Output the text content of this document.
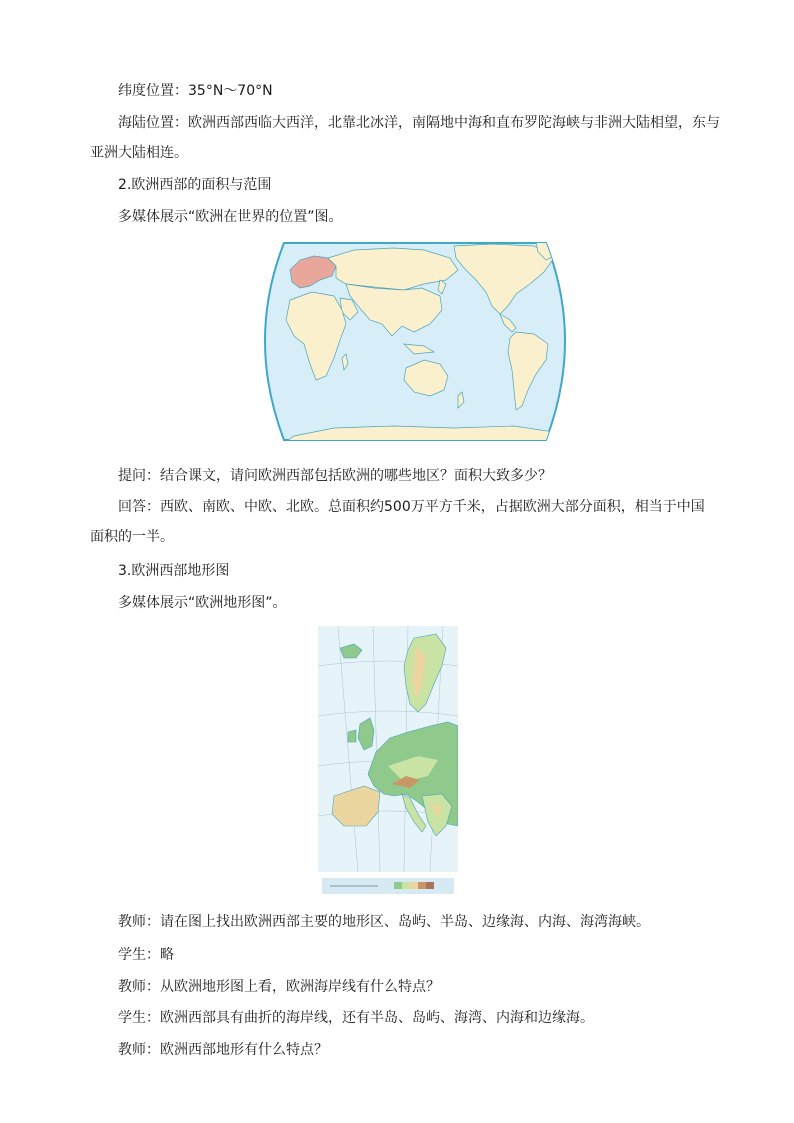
纬度位置：35°N～70°N
海陆位置：欧洲西部西临大西洋，北靠北冰洋，南隔地中海和直布罗陀海峡与非洲大陆相望，东与
亚洲大陆相连。
2.欧洲西部的面积与范围
多媒体展示“欧洲在世界的位置”图。
提问：结合课文，请问欧洲西部包括欧洲的哪些地区？面积大致多少？
回答：西欧、南欧、中欧、北欧。总面积约500万平方千米，占据欧洲大部分面积，相当于中国
面积的一半。
3.欧洲西部地形图
多媒体展示“欧洲地形图”。
教师：请在图上找出欧洲西部主要的地形区、岛屿、半岛、边缘海、内海、海湾海峡。
学生：略
教师：从欧洲地形图上看，欧洲海岸线有什么特点？
学生：欧洲西部具有曲折的海岸线，还有半岛、岛屿、海湾、内海和边缘海。
教师：欧洲西部地形有什么特点？
